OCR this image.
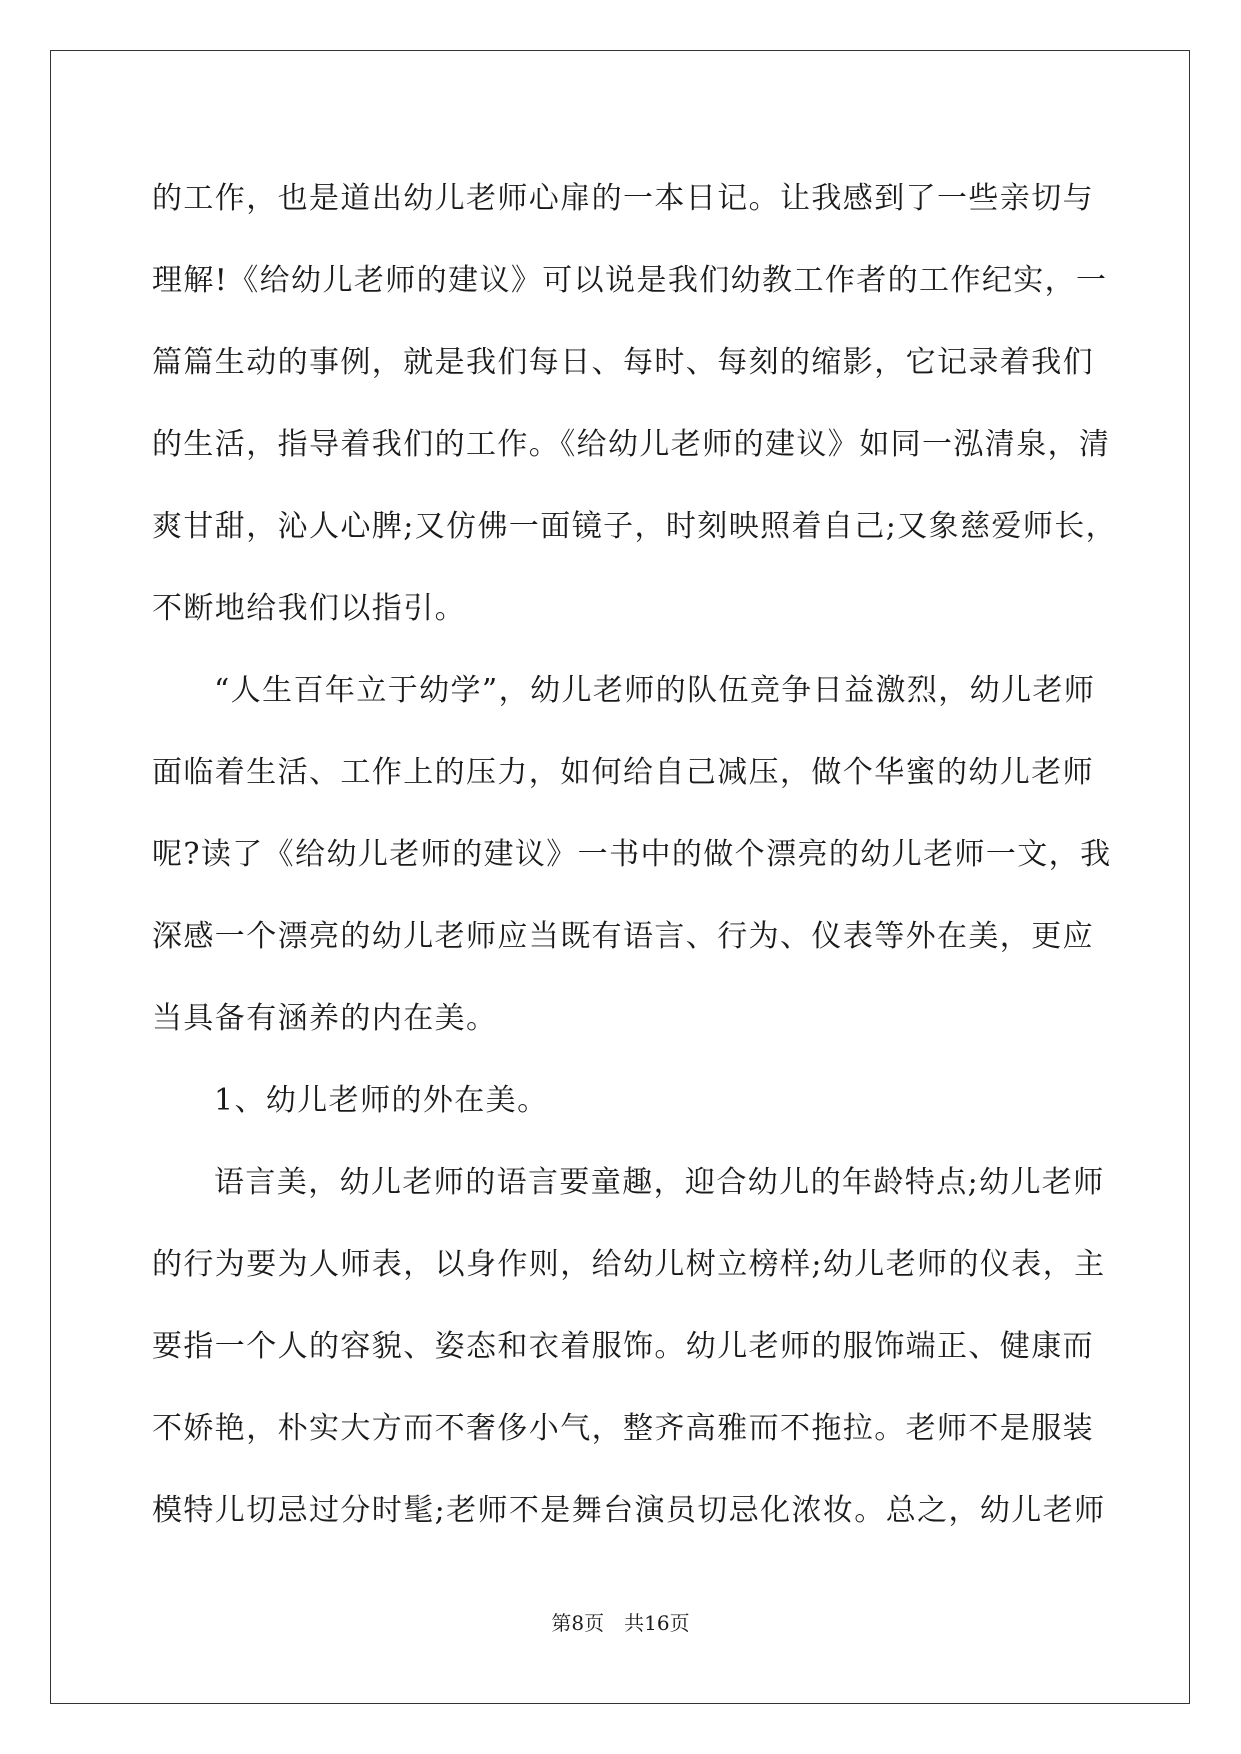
的工作，也是道出幼儿老师心扉的一本日记。让我感到了一些亲切与
理解!《给幼儿老师的建议》可以说是我们幼教工作者的工作纪实，一
篇篇生动的事例，就是我们每日、每时、每刻的缩影，它记录着我们
的生活，指导着我们的工作。《给幼儿老师的建议》如同一泓清泉，清
爽甘甜，沁人心脾;又仿佛一面镜子，时刻映照着自己;又象慈爱师长，
不断地给我们以指引。
“人生百年立于幼学”，幼儿老师的队伍竞争日益激烈，幼儿老师
面临着生活、工作上的压力，如何给自己减压，做个华蜜的幼儿老师
呢?读了《给幼儿老师的建议》一书中的做个漂亮的幼儿老师一文，我
深感一个漂亮的幼儿老师应当既有语言、行为、仪表等外在美，更应
当具备有涵养的内在美。
1、幼儿老师的外在美。
语言美，幼儿老师的语言要童趣，迎合幼儿的年龄特点;幼儿老师
的行为要为人师表，以身作则，给幼儿树立榜样;幼儿老师的仪表，主
要指一个人的容貌、姿态和衣着服饰。幼儿老师的服饰端正、健康而
不娇艳，朴实大方而不奢侈小气，整齐高雅而不拖拉。老师不是服装
模特儿切忌过分时髦;老师不是舞台演员切忌化浓妆。总之，幼儿老师
第8页 共16页
